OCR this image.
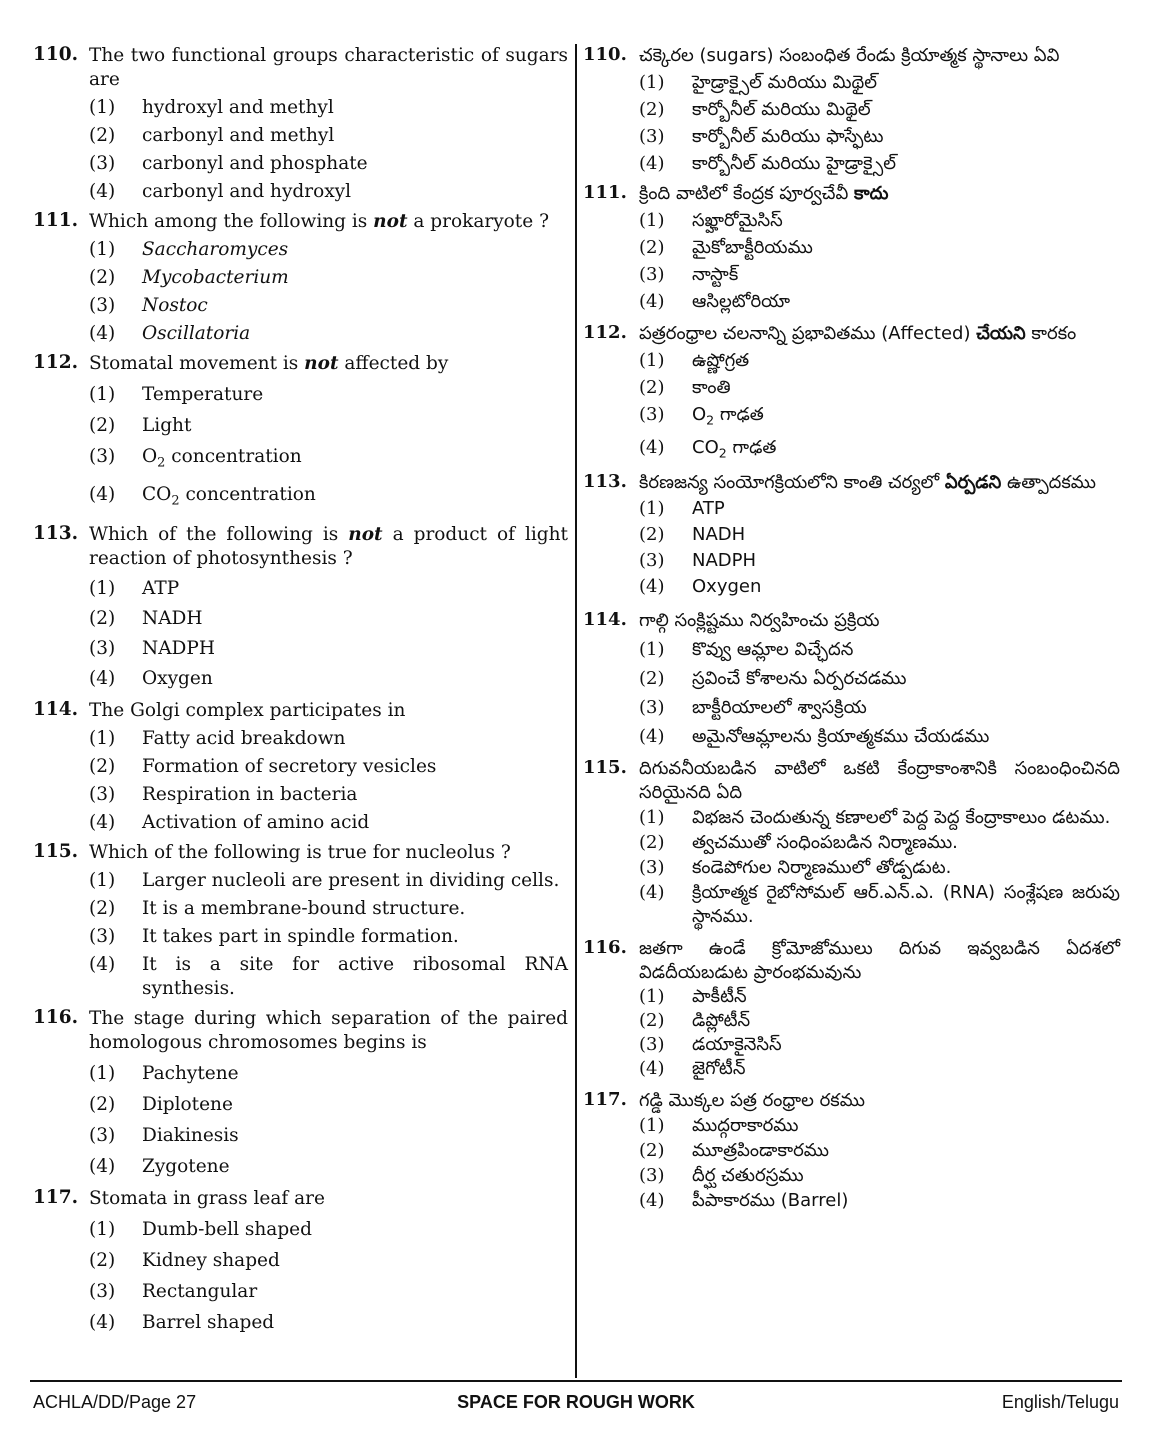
110. The two functional groups characteristic of sugars are
(1)	hydroxyl and methyl
(2)	carbonyl and methyl
(3)	carbonyl and phosphate
(4)	carbonyl and hydroxyl
111. Which among the following is not a prokaryote ?
(1)	Saccharomyces
(2)	Mycobacterium
(3)	Nostoc
(4)	Oscillatoria
112. Stomatal movement is not affected by
(1)	Temperature
(2)	Light
(3)	$O_2$ concentration
(4)	$CO_2$ concentration
113. Which of the following is not a product of light reaction of photosynthesis ?
(1)	ATP
(2)	NADH
(3)	NADPH
(4)	Oxygen
114. The Golgi complex participates in
(1)	Fatty acid breakdown
(2)	Formation of secretory vesicles
(3)	Respiration in bacteria
(4)	Activation of amino acid
115. Which of the following is true for nucleolus ?
(1)	Larger nucleoli are present in dividing cells.
(2)	It is a membrane-bound structure.
(3)	It takes part in spindle formation.
(4)	It is a site for active ribosomal RNA synthesis.
116. The stage during which separation of the paired homologous chromosomes begins is
(1)	Pachytene
(2)	Diplotene
(3)	Diakinesis
(4)	Zygotene
117. Stomata in grass leaf are
(1)	Dumb-bell shaped
(2)	Kidney shaped
(3)	Rectangular
(4)	Barrel shaped
110. చక్కెరల (sugars) సంబంధిత రేండు క్రియాత్మక స్థానాలు ఏవి
(1)	హైడ్రాక్సైల్ మరియు మిథైల్
(2)	కార్బోనీల్ మరియు మిథైల్
(3)	కార్బోనీల్ మరియు ఫాస్ఫేటు
(4)	కార్బోనీల్ మరియు హైడ్రాక్సైల్
111. క్రింది వాటిలో కేంద్రక పూర్వచేవీ కాదు
(1)	సఖ్హారోమైసిస్
(2)	మైకోబాక్టీరియము
(3)	నాస్టాక్
(4)	ఆసిల్లటోరియా
112. పత్రరంధ్రాల చలనాన్ని ప్రభావితము (Affected) చేయని కారకం
(1)	ఉష్ణోగ్రత
(2)	కాంతి
(3)	$O_2$ గాఢత
(4)	$CO_2$ గాఢత
113. కిరణజన్య సంయోగక్రియలోని కాంతి చర్యలో ఏర్పడని ఉత్పాదకము
(1)	ATP
(2)	NADH
(3)	NADPH
(4)	Oxygen
114. గాల్గి సంక్లిష్టము నిర్వహించు ప్రక్రియ
(1)	కొవ్వు ఆమ్లాల విచ్ఛేదన
(2)	స్రవించే కోశాలను ఏర్పరచడము
(3)	బాక్టీరియాలలో శ్వాసక్రియ
(4)	అమైనోఆమ్లాలను క్రియాత్మకము చేయడము
115. దిగువనీయబడిన వాటిలో ఒకటి కేంద్రాకాంశానికి సంబంధించినది సరియైనది ఏది
(1)	విభజన చెందుతున్న కణాలలో పెద్ద పెద్ద కేంద్రాకాలుం డటము.
(2)	త్వచముతో సంధింపబడిన నిర్మాణము.
(3)	కండెపోగుల నిర్మాణములో తోడ్పడుట.
(4)	క్రియాత్మక రైబోసోమల్ ఆర్.ఎన్.ఎ. (RNA) సంశ్లేషణ జరుపు స్థానము.
116. జతగా ఉండే క్రోమోజోములు దిగువ ఇవ్వబడిన ఏదశలో విడదీయబడుట ప్రారంభమవును
(1)	పాకీటీన్
(2)	డిప్లోటీన్
(3)	డయాకైనెసిస్
(4)	జైగోటీన్
117. గడ్డి మొక్కల పత్ర రంధ్రాల రకము
(1)	ముద్గరాకారము
(2)	మూత్రపిండాకారము
(3)	దీర్ఘ చతురస్రము
(4)	పీపాకారము (Barrel)
ACHLA/DD/Page 27	SPACE FOR ROUGH WORK	English/Telugu
